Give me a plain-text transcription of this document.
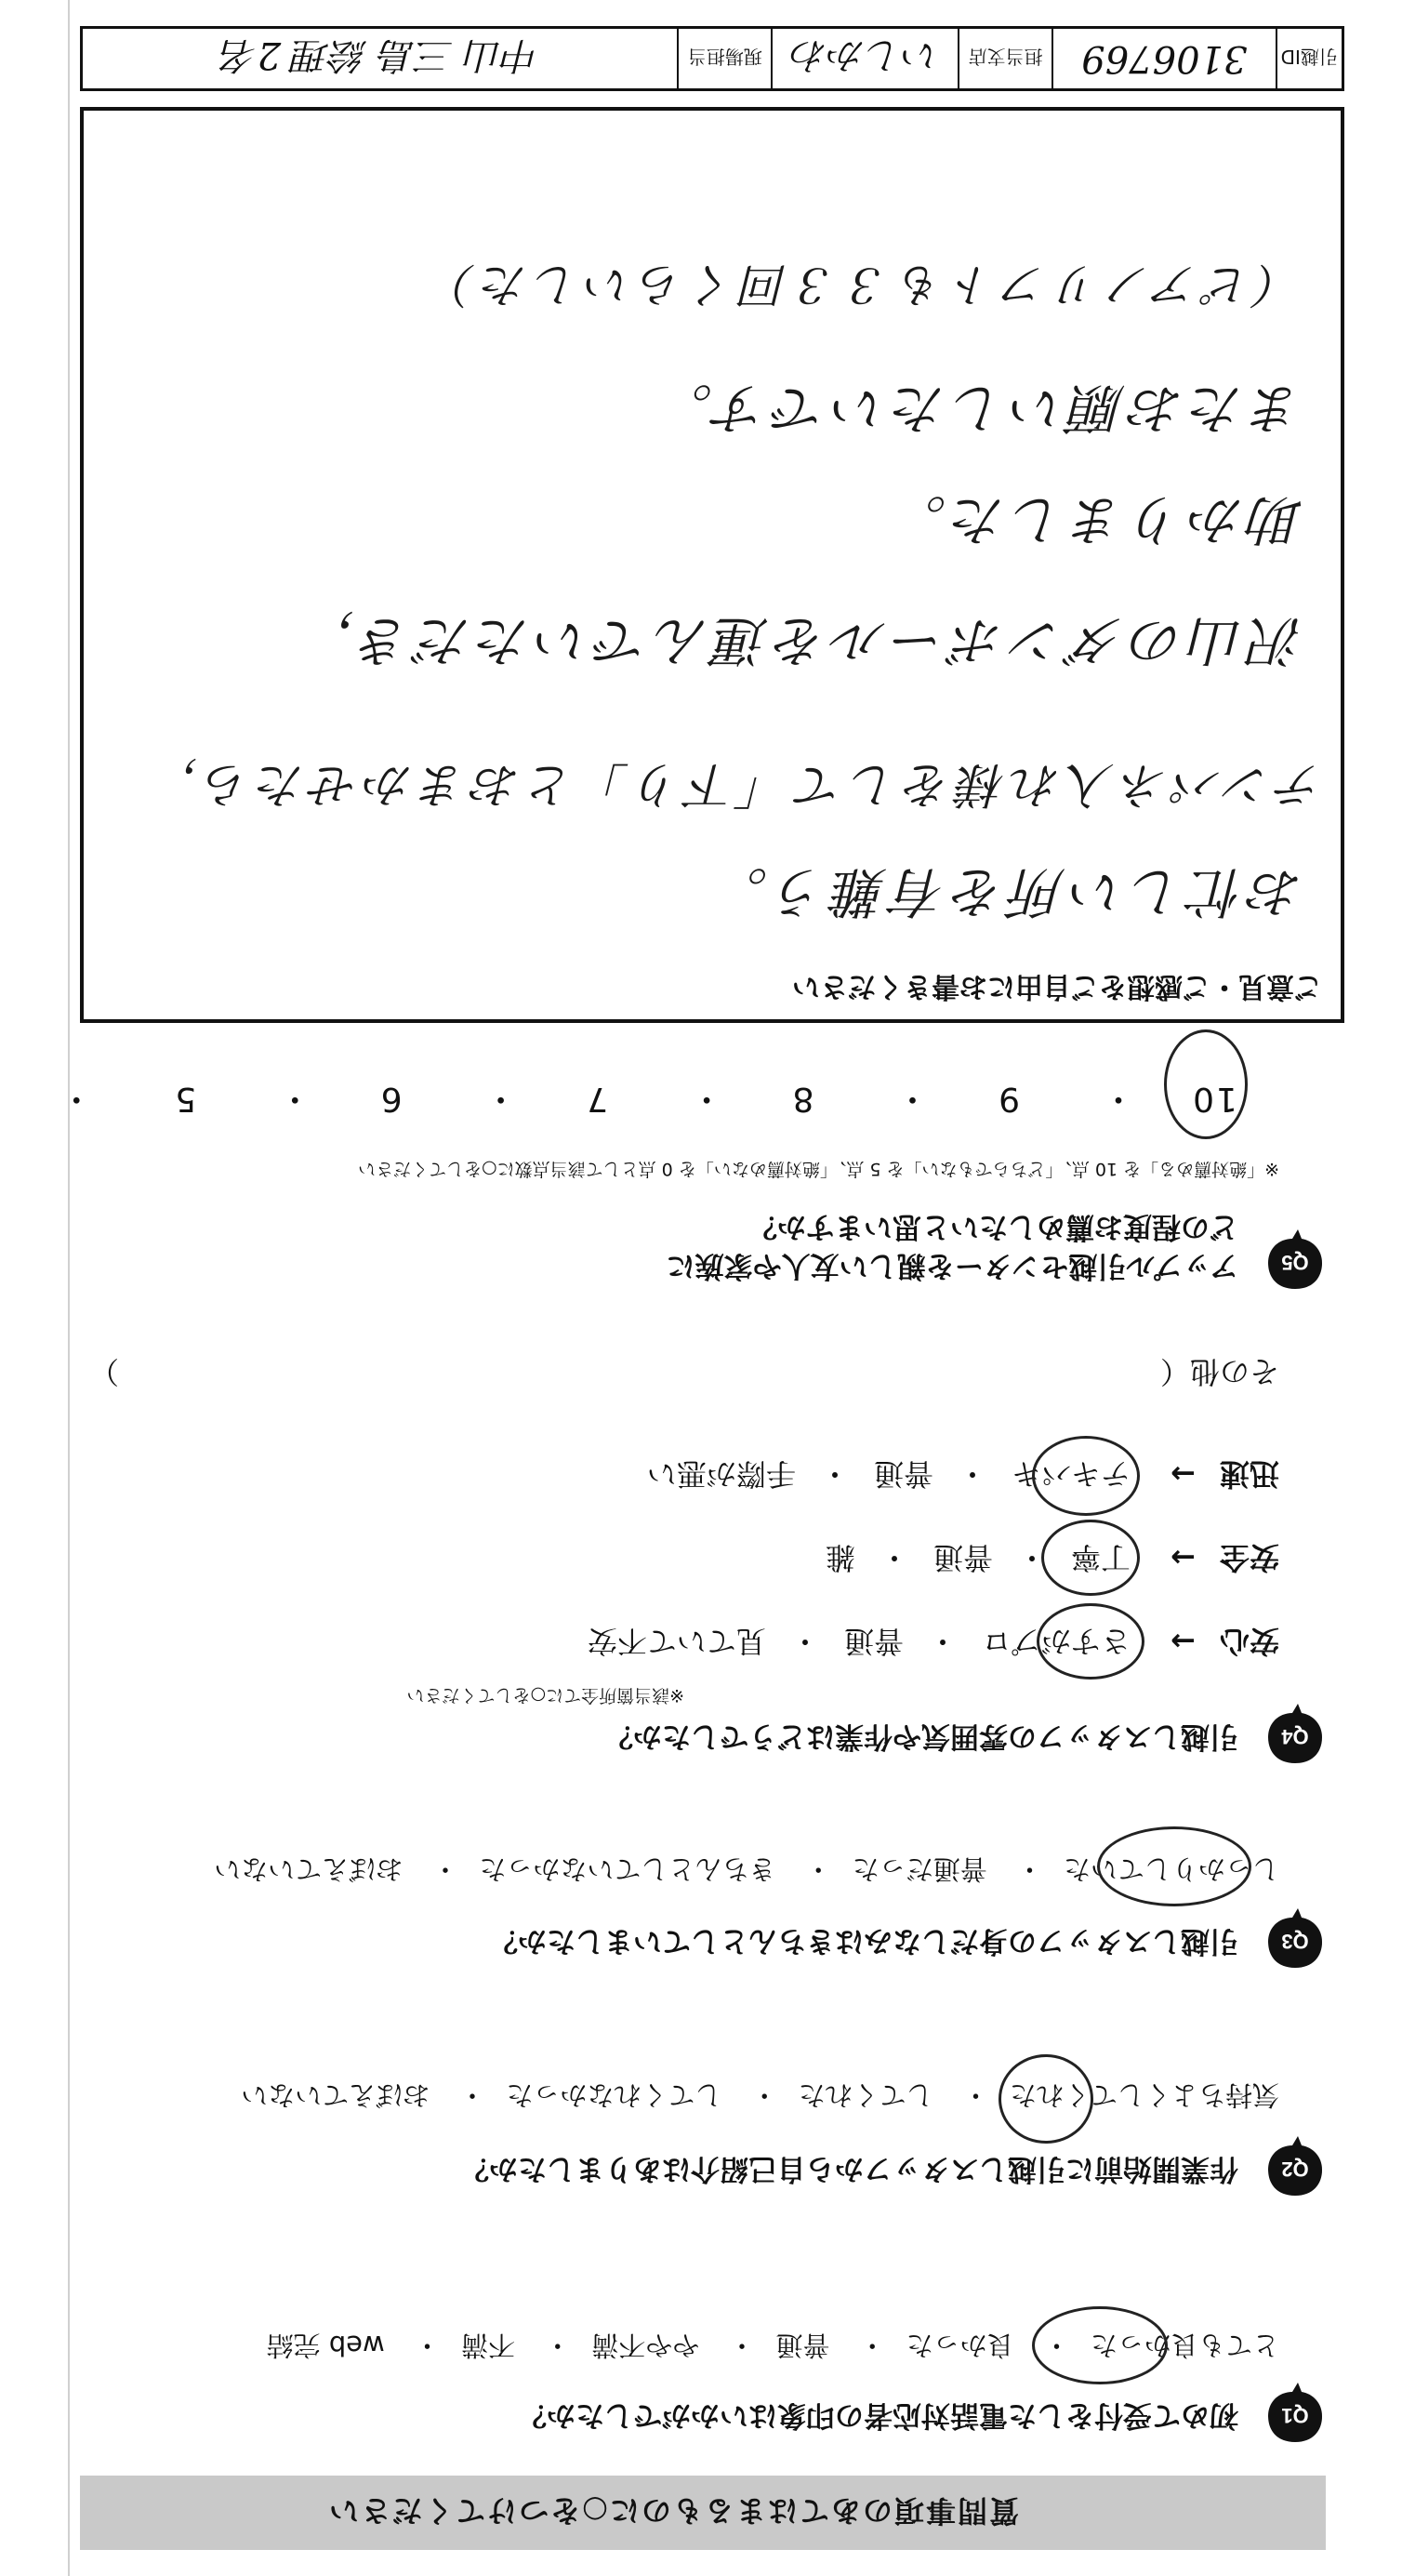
質問事項のあてはまるものに○をつけてください
Q1
初めて受付をした電話対応者の印象はいかがでしたか？
とても良かった・ 良かった・ 普通・ やや不満・ 不満・ web 完結
Q2
作業開始前に引越しスタッフから自己紹介はありましたか？
気持ちよくしてくれた・ してくれた・ してくれなかった・ おぼえていない
Q3
引越しスタッフの身だしなみはきちんとしていましたか？
しっかりしていた・ 普通だった・ きちんとしていなかった・ おぼえていない
Q4
引越しスタッフの雰囲気や作業はどうでしたか？
※該当箇所全てに○をしてください
安心→さすがプロ・普通・見ていて不安
安全→丁寧・普通・雑
迅速→テキパキ・普通・手際が悪い
その他（
）
Q5
アップル引越センターを親しい友人や家族に
どの程度お薦めしたいと思いますか？
※「絶対薦める」を 10 点、「どちらでもない」を 5 点、「絶対薦めない」を 0 点として該当点数に○をしてください
10・ 9・ 8・ 7・ 6・ 5 ・
ご意見・ご感想をご自由にお書きください
お忙しい所を有難う。
テンパネ入れ様をして「下り」とおまかせたら，
沢山のダンボールを運んでいただき，
助かりました。
またお願いしたいです。
（ピアノリフトも３３回くらいした）
引越ID
3106769
担当支店
いしかわ
現場担当
中山 三島 絵理 2名
